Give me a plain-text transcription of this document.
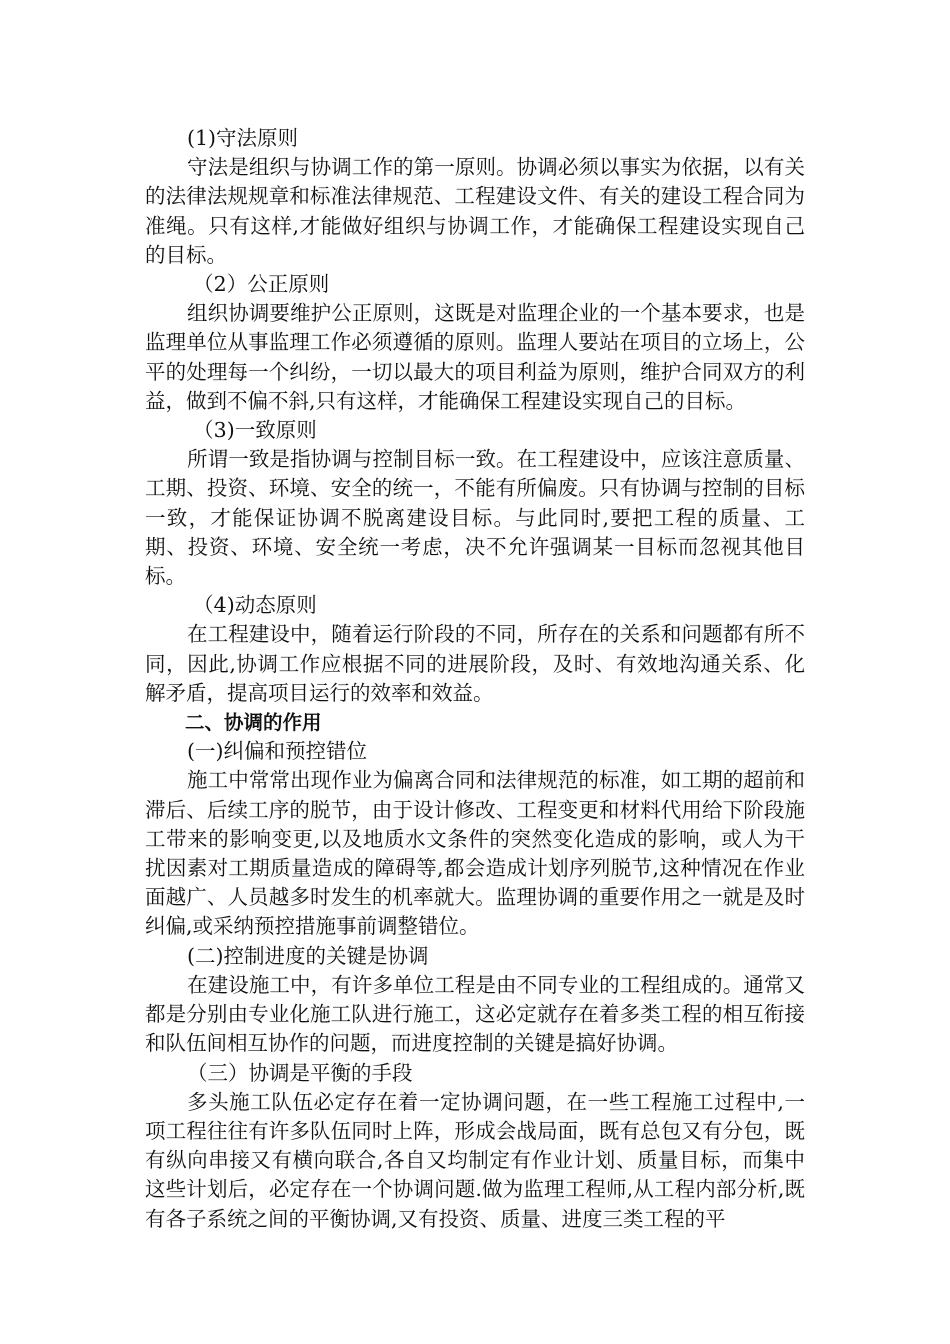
(1)守法原则

守法是组织与协调工作的第一原则。协调必须以事实为依据，以有关的法律法规规章和标准法律规范、工程建设文件、有关的建设工程合同为准绳。只有这样,才能做好组织与协调工作，才能确保工程建设实现自己的目标。

（2）公正原则

组织协调要维护公正原则，这既是对监理企业的一个基本要求，也是监理单位从事监理工作必须遵循的原则。监理人要站在项目的立场上，公平的处理每一个纠纷，一切以最大的项目利益为原则，维护合同双方的利益，做到不偏不斜,只有这样，才能确保工程建设实现自己的目标。

（3)一致原则

所谓一致是指协调与控制目标一致。在工程建设中，应该注意质量、工期、投资、环境、安全的统一，不能有所偏废。只有协调与控制的目标一致，才能保证协调不脱离建设目标。与此同时,要把工程的质量、工期、投资、环境、安全统一考虑，决不允许强调某一目标而忽视其他目标。

（4)动态原则

在工程建设中，随着运行阶段的不同，所存在的关系和问题都有所不同，因此,协调工作应根据不同的进展阶段，及时、有效地沟通关系、化解矛盾，提高项目运行的效率和效益。

二、协调的作用
(一)纠偏和预控错位

施工中常常出现作业为偏离合同和法律规范的标准，如工期的超前和滞后、后续工序的脱节，由于设计修改、工程变更和材料代用给下阶段施工带来的影响变更,以及地质水文条件的突然变化造成的影响，或人为干扰因素对工期质量造成的障碍等,都会造成计划序列脱节,这种情况在作业面越广、人员越多时发生的机率就大。监理协调的重要作用之一就是及时纠偏,或采纳预控措施事前调整错位。

(二)控制进度的关键是协调

在建设施工中，有许多单位工程是由不同专业的工程组成的。通常又都是分别由专业化施工队进行施工，这必定就存在着多类工程的相互衔接和队伍间相互协作的问题，而进度控制的关键是搞好协调。

（三）协调是平衡的手段

多头施工队伍必定存在着一定协调问题，在一些工程施工过程中,一项工程往往有许多队伍同时上阵，形成会战局面，既有总包又有分包，既有纵向串接又有横向联合,各自又均制定有作业计划、质量目标，而集中这些计划后，必定存在一个协调问题.做为监理工程师,从工程内部分析,既有各子系统之间的平衡协调,又有投资、质量、进度三类工程的平
